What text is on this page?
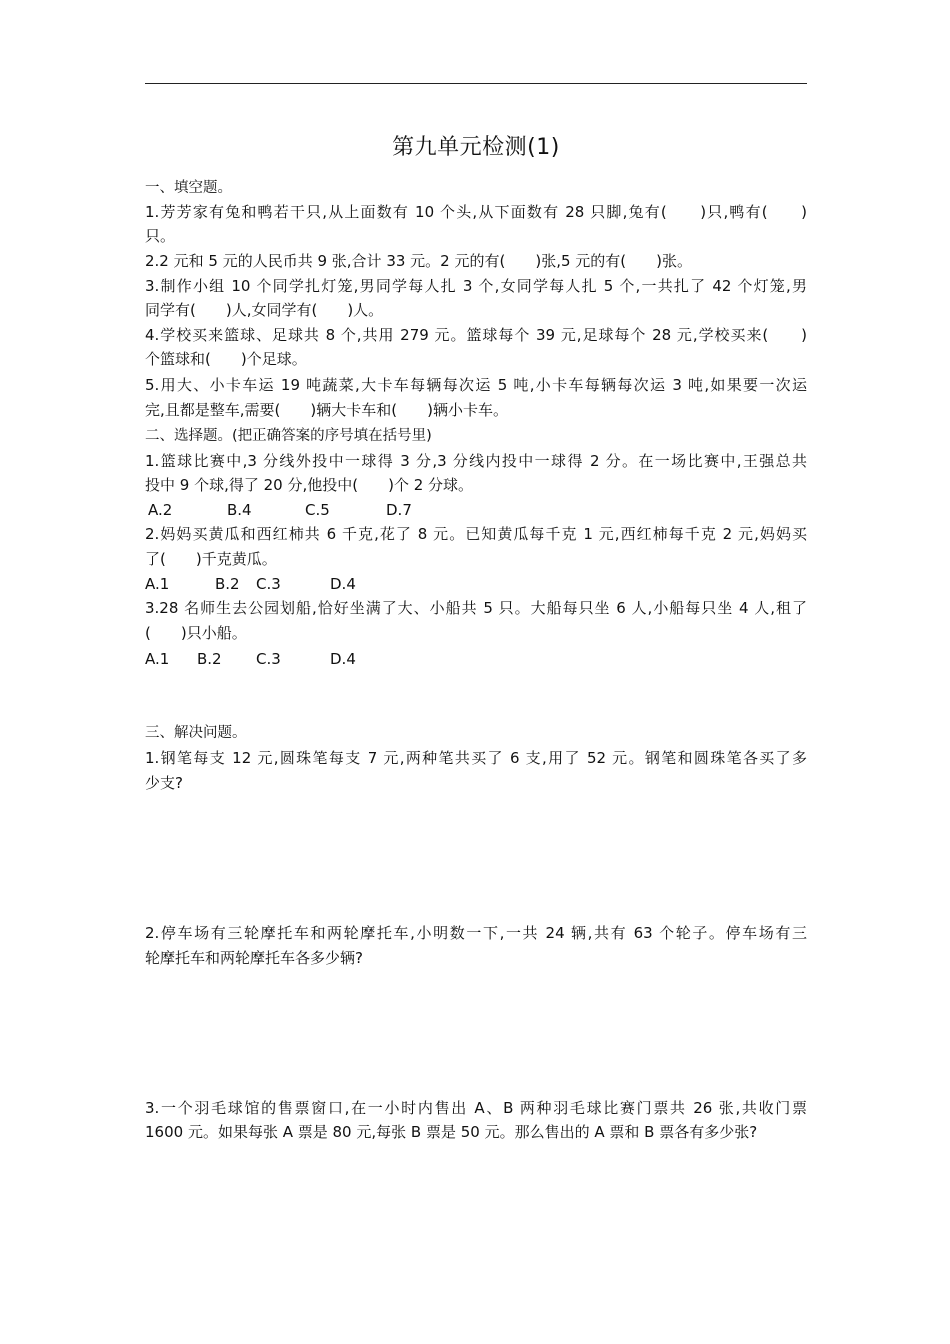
第九单元检测(1)
一、填空题。
1.芳芳家有兔和鸭若干只,从上面数有 10 个头,从下面数有 28 只脚,兔有(　　)只,鸭有(　　)
只。
2.2 元和 5 元的人民币共 9 张,合计 33 元。2 元的有(　　)张,5 元的有(　　)张。
3.制作小组 10 个同学扎灯笼,男同学每人扎 3 个,女同学每人扎 5 个,一共扎了 42 个灯笼,男
同学有(　　)人,女同学有(　　)人。
4.学校买来篮球、足球共 8 个,共用 279 元。篮球每个 39 元,足球每个 28 元,学校买来(　　)
个篮球和(　　)个足球。
5.用大、小卡车运 19 吨蔬菜,大卡车每辆每次运 5 吨,小卡车每辆每次运 3 吨,如果要一次运
完,且都是整车,需要(　　)辆大卡车和(　　)辆小卡车。
二、选择题。(把正确答案的序号填在括号里)
1.篮球比赛中,3 分线外投中一球得 3 分,3 分线内投中一球得 2 分。在一场比赛中,王强总共
投中 9 个球,得了 20 分,他投中(　　)个 2 分球。
A.2	B.4	C.5	D.7
2.妈妈买黄瓜和西红柿共 6 千克,花了 8 元。已知黄瓜每千克 1 元,西红柿每千克 2 元,妈妈买
了(　　)千克黄瓜。
A.1	B.2 C.3	D.4
3.28 名师生去公园划船,恰好坐满了大、小船共 5 只。大船每只坐 6 人,小船每只坐 4 人,租了
(　　)只小船。
A.1 B.2 C.3	D.4
三、解决问题。
1.钢笔每支 12 元,圆珠笔每支 7 元,两种笔共买了 6 支,用了 52 元。钢笔和圆珠笔各买了多
少支?
2.停车场有三轮摩托车和两轮摩托车,小明数一下,一共 24 辆,共有 63 个轮子。停车场有三
轮摩托车和两轮摩托车各多少辆?
3.一个羽毛球馆的售票窗口,在一小时内售出 A、B 两种羽毛球比赛门票共 26 张,共收门票
1600 元。如果每张 A 票是 80 元,每张 B 票是 50 元。那么售出的 A 票和 B 票各有多少张?
